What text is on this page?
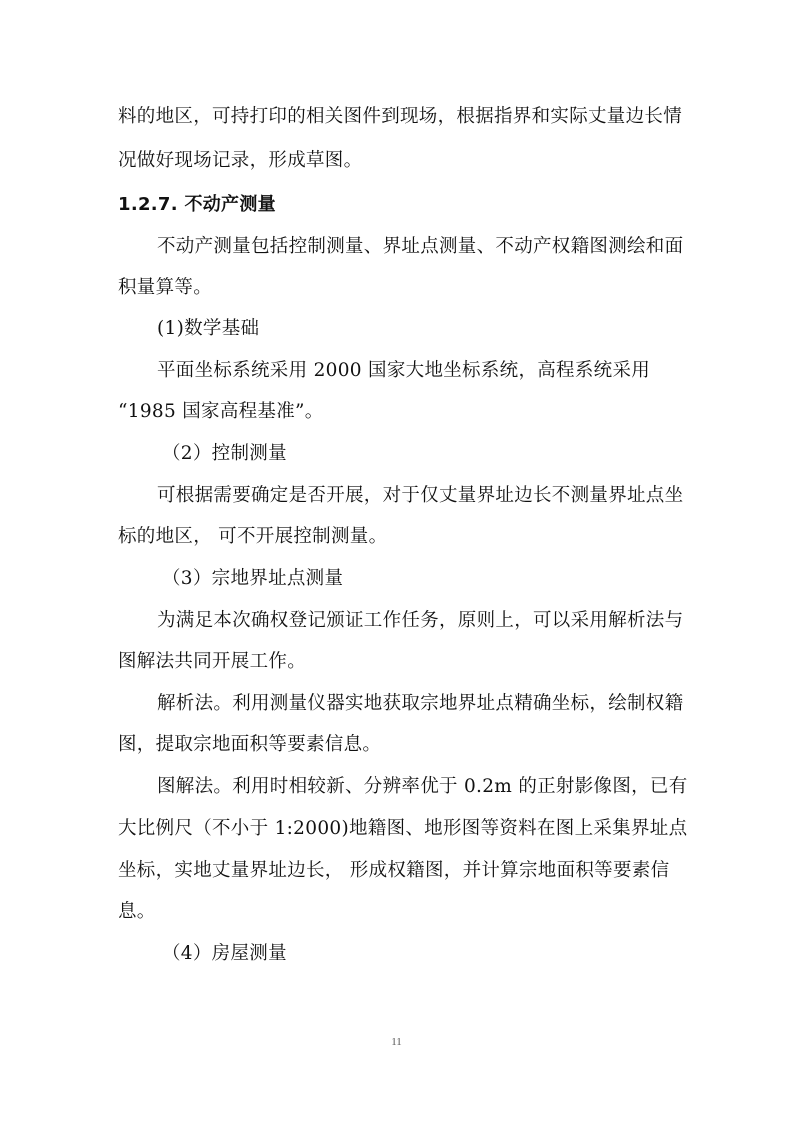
料的地区，可持打印的相关图件到现场，根据指界和实际丈量边长情
况做好现场记录，形成草图。
1.2.7. 不动产测量
不动产测量包括控制测量、界址点测量、不动产权籍图测绘和面
积量算等。
(1)数学基础
平面坐标系统采用 2000 国家大地坐标系统，高程系统采用
“1985 国家高程基准”。
（2）控制测量
可根据需要确定是否开展，对于仅丈量界址边长不测量界址点坐
标的地区， 可不开展控制测量。
（3）宗地界址点测量
为满足本次确权登记颁证工作任务，原则上，可以采用解析法与
图解法共同开展工作。
解析法。利用测量仪器实地获取宗地界址点精确坐标，绘制权籍
图，提取宗地面积等要素信息。
图解法。利用时相较新、分辨率优于 0.2m 的正射影像图，已有
大比例尺（不小于 1:2000)地籍图、地形图等资料在图上采集界址点
坐标，实地丈量界址边长， 形成权籍图，并计算宗地面积等要素信
息。
（4）房屋测量
11
